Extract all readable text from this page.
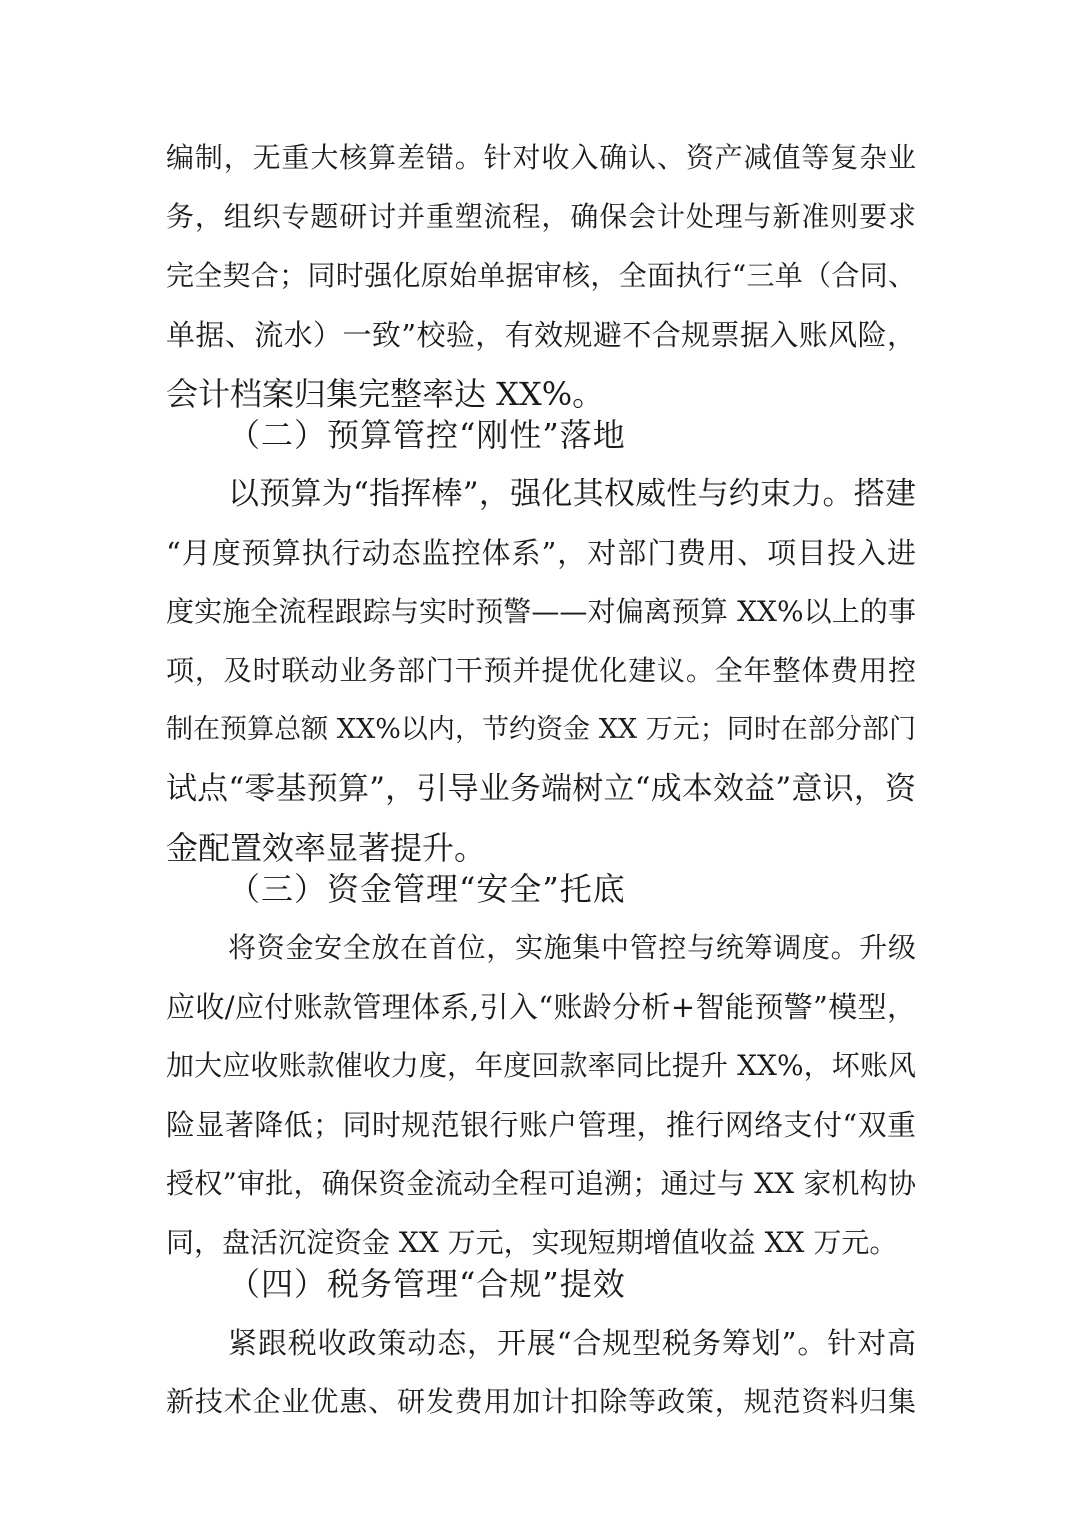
编制，无重大核算差错。针对收入确认、资产减值等复杂业
务，组织专题研讨并重塑流程，确保会计处理与新准则要求
完全契合；同时强化原始单据审核，全面执行“三单（合同、
单据、流水）一致”校验，有效规避不合规票据入账风险，
会计档案归集完整率达 XX%。
（二）预算管控“刚性”落地
以预算为“指挥棒”，强化其权威性与约束力。搭建
“月度预算执行动态监控体系”，对部门费用、项目投入进
度实施全流程跟踪与实时预警——对偏离预算 XX%以上的事
项，及时联动业务部门干预并提优化建议。全年整体费用控
制在预算总额 XX%以内，节约资金 XX 万元；同时在部分部门
试点“零基预算”，引导业务端树立“成本效益”意识，资
金配置效率显著提升。
（三）资金管理“安全”托底
将资金安全放在首位，实施集中管控与统筹调度。升级
应收/应付账款管理体系,引入“账龄分析+智能预警”模型，
加大应收账款催收力度，年度回款率同比提升 XX%，坏账风
险显著降低；同时规范银行账户管理，推行网络支付“双重
授权”审批，确保资金流动全程可追溯；通过与 XX 家机构协
同，盘活沉淀资金 XX 万元，实现短期增值收益 XX 万元。
（四）税务管理“合规”提效
紧跟税收政策动态，开展“合规型税务筹划”。针对高
新技术企业优惠、研发费用加计扣除等政策，规范资料归集
